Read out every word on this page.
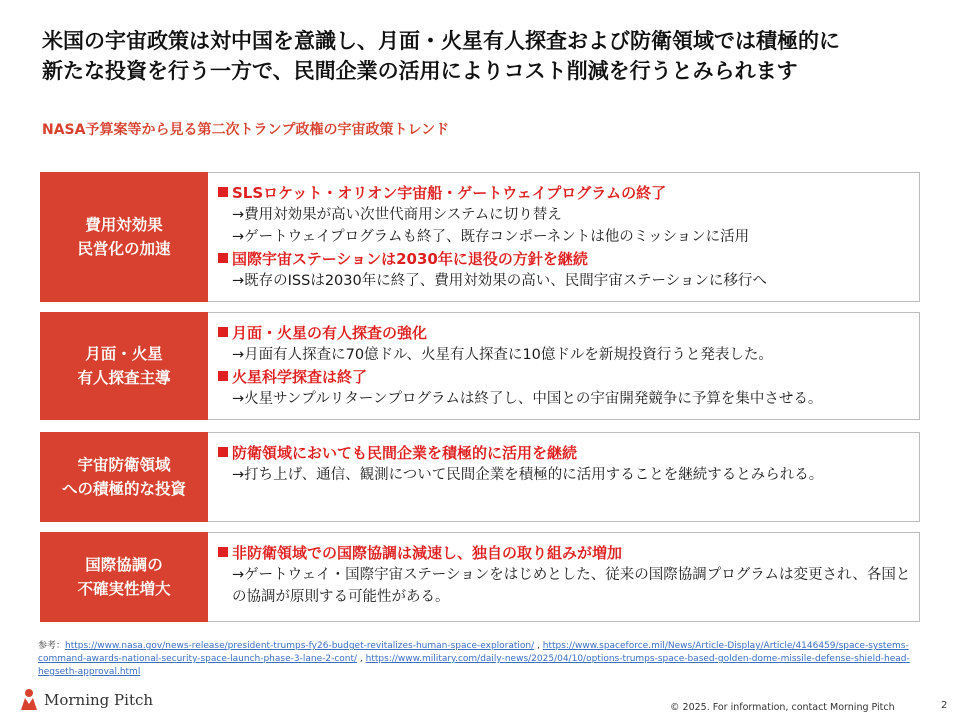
米国の宇宙政策は対中国を意識し、月面・火星有人探査および防衛領域では積極的に
新たな投資を行う一方で、民間企業の活用によりコスト削減を行うとみられます
NASA予算案等から見る第二次トランプ政権の宇宙政策トレンド
費用対効果
民営化の加速
SLSロケット・オリオン宇宙船・ゲートウェイプログラムの終了
→費用対効果が高い次世代商用システムに切り替え
→ゲートウェイプログラムも終了、既存コンポーネントは他のミッションに活用
国際宇宙ステーションは2030年に退役の方針を継続
→既存のISSは2030年に終了、費用対効果の高い、民間宇宙ステーションに移行へ
月面・火星
有人探査主導
月面・火星の有人探査の強化
→月面有人探査に70億ドル、火星有人探査に10億ドルを新規投資行うと発表した。
火星科学探査は終了
→火星サンプルリターンプログラムは終了し、中国との宇宙開発競争に予算を集中させる。
宇宙防衛領域
への積極的な投資
防衛領域においても民間企業を積極的に活用を継続
→打ち上げ、通信、観測について民間企業を積極的に活用することを継続するとみられる。
国際協調の
不確実性増大
非防衛領域での国際協調は減速し、独自の取り組みが増加
→ゲートウェイ・国際宇宙ステーションをはじめとした、従来の国際協調プログラムは変更され、各国との協調が原則する可能性がある。
参考：https://www.nasa.gov/news-release/president-trumps-fy26-budget-revitalizes-human-space-exploration/ , https://www.spaceforce.mil/News/Article-Display/Article/4146459/space-systems-command-awards-national-security-space-launch-phase-3-lane-2-cont/ , https://www.military.com/daily-news/2025/04/10/options-trumps-space-based-golden-dome-missile-defense-shield-head-hegseth-approval.html
Morning Pitch	© 2025. For information, contact Morning Pitch	2
